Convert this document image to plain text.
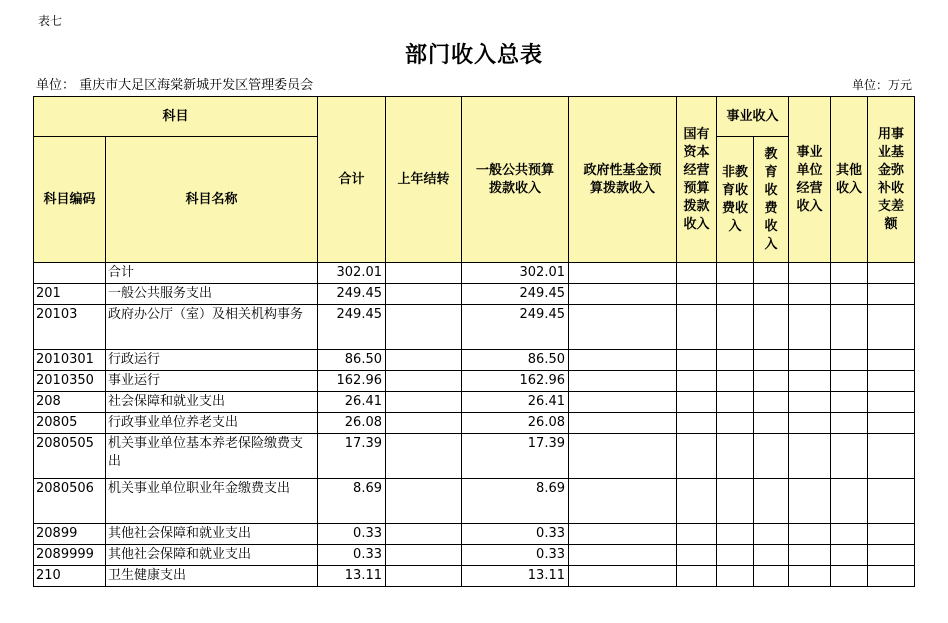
表七
部门收入总表
单位： 重庆市大足区海棠新城开发区管理委员会	单位：万元
科目		合计	上年结转	一般公共预算拨款收入	政府性基金预算拨款收入	国有资本经营预算拨款收入	事业收入		事业单位经营收入	其他收入	用事业基金弥补收支差额
科目编码	科目名称						非教育收费收入	教育收费收入			
	合计	302.01		302.01							
201	一般公共服务支出	249.45		249.45							
20103	政府办公厅（室）及相关机构事务	249.45		249.45							
2010301	行政运行	86.50		86.50							
2010350	事业运行	162.96		162.96							
208	社会保障和就业支出	26.41		26.41							
20805	行政事业单位养老支出	26.08		26.08							
2080505	机关事业单位基本养老保险缴费支出	17.39		17.39							
2080506	机关事业单位职业年金缴费支出	8.69		8.69							
20899	其他社会保障和就业支出	0.33		0.33							
2089999	其他社会保障和就业支出	0.33		0.33							
210	卫生健康支出	13.11		13.11							
